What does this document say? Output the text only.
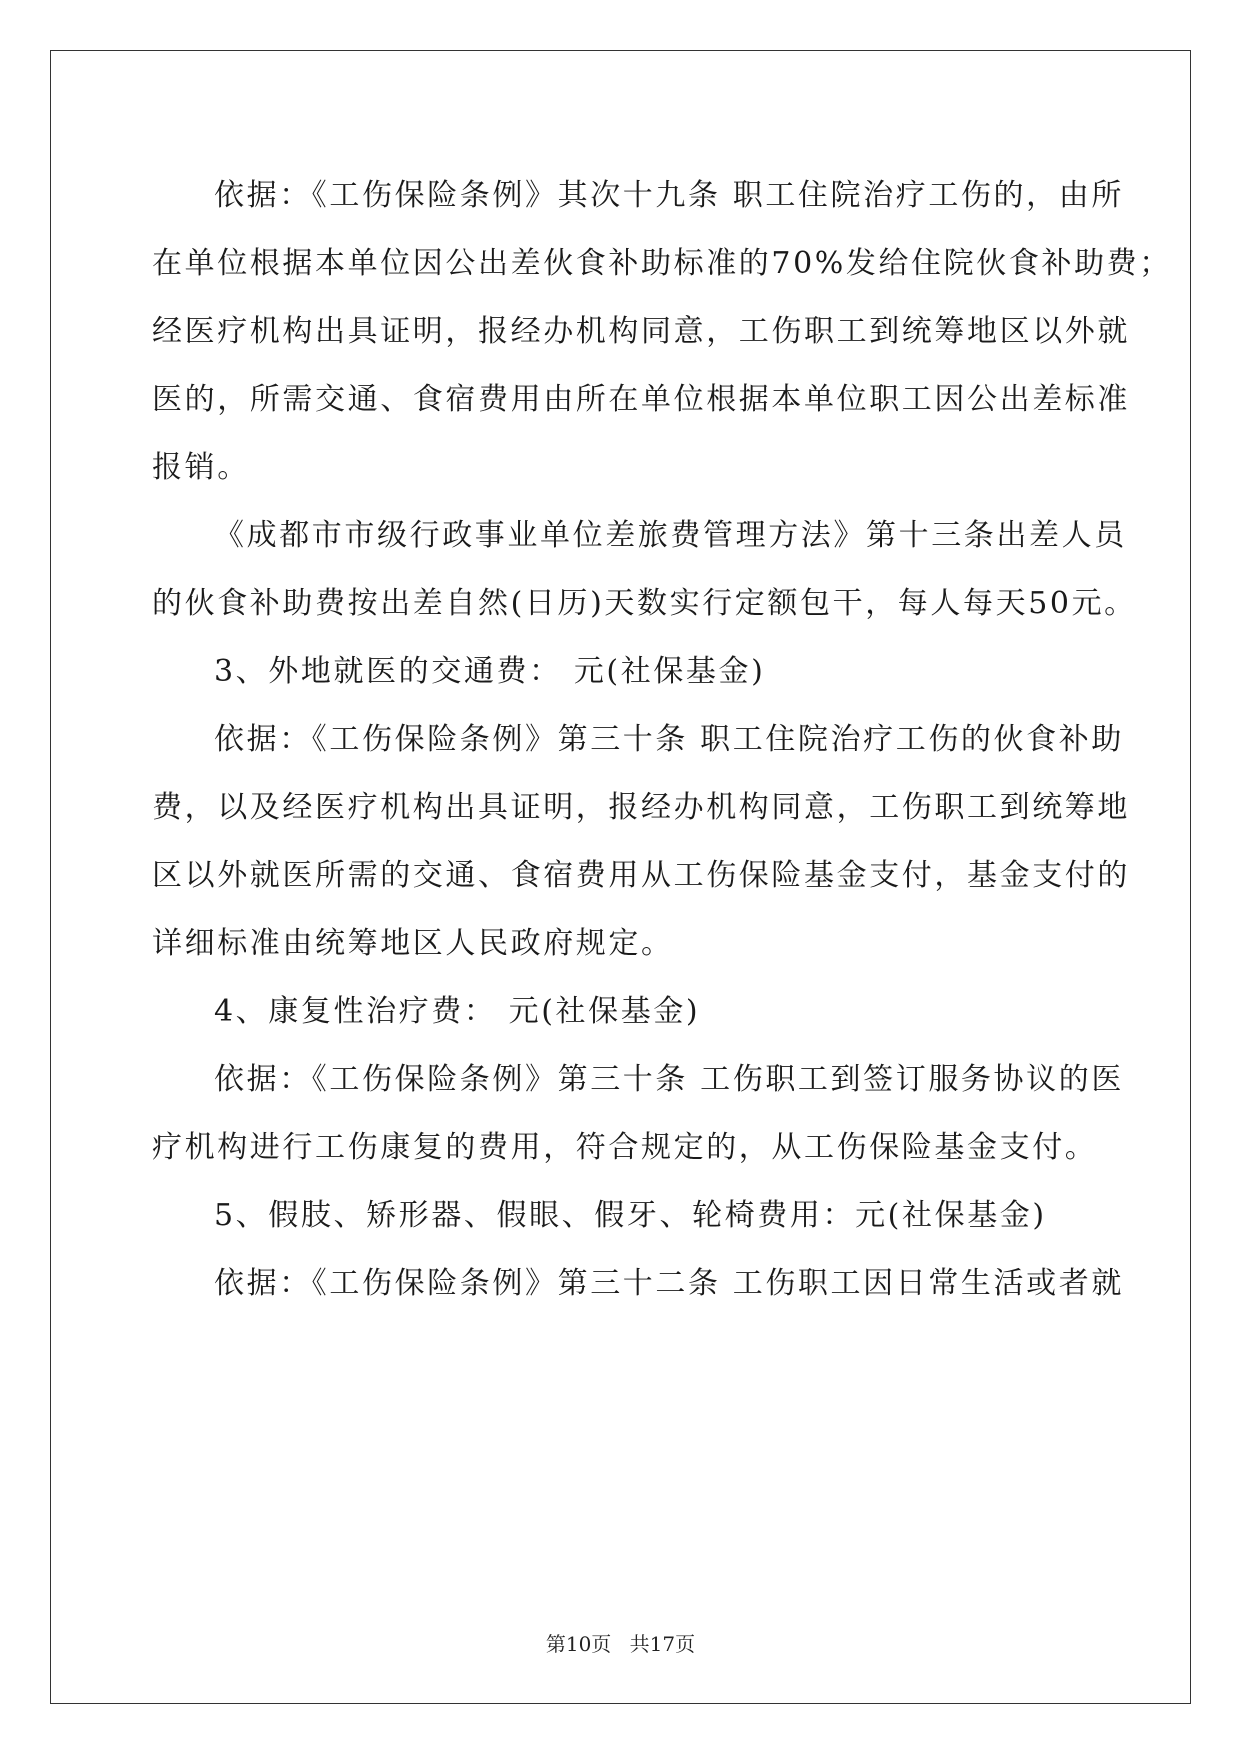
依据：《工伤保险条例》其次十九条 职工住院治疗工伤的，由所
在单位根据本单位因公出差伙食补助标准的70%发给住院伙食补助费；
经医疗机构出具证明，报经办机构同意，工伤职工到统筹地区以外就
医的，所需交通、食宿费用由所在单位根据本单位职工因公出差标准
报销。
《成都市市级行政事业单位差旅费管理方法》第十三条出差人员
的伙食补助费按出差自然(日历)天数实行定额包干，每人每天50元。
3、外地就医的交通费： 元(社保基金)
依据：《工伤保险条例》第三十条 职工住院治疗工伤的伙食补助
费，以及经医疗机构出具证明，报经办机构同意，工伤职工到统筹地
区以外就医所需的交通、食宿费用从工伤保险基金支付，基金支付的
详细标准由统筹地区人民政府规定。
4、康复性治疗费： 元(社保基金)
依据：《工伤保险条例》第三十条 工伤职工到签订服务协议的医
疗机构进行工伤康复的费用，符合规定的，从工伤保险基金支付。
5、假肢、矫形器、假眼、假牙、轮椅费用：元(社保基金)
依据：《工伤保险条例》第三十二条 工伤职工因日常生活或者就
第10页 共17页
